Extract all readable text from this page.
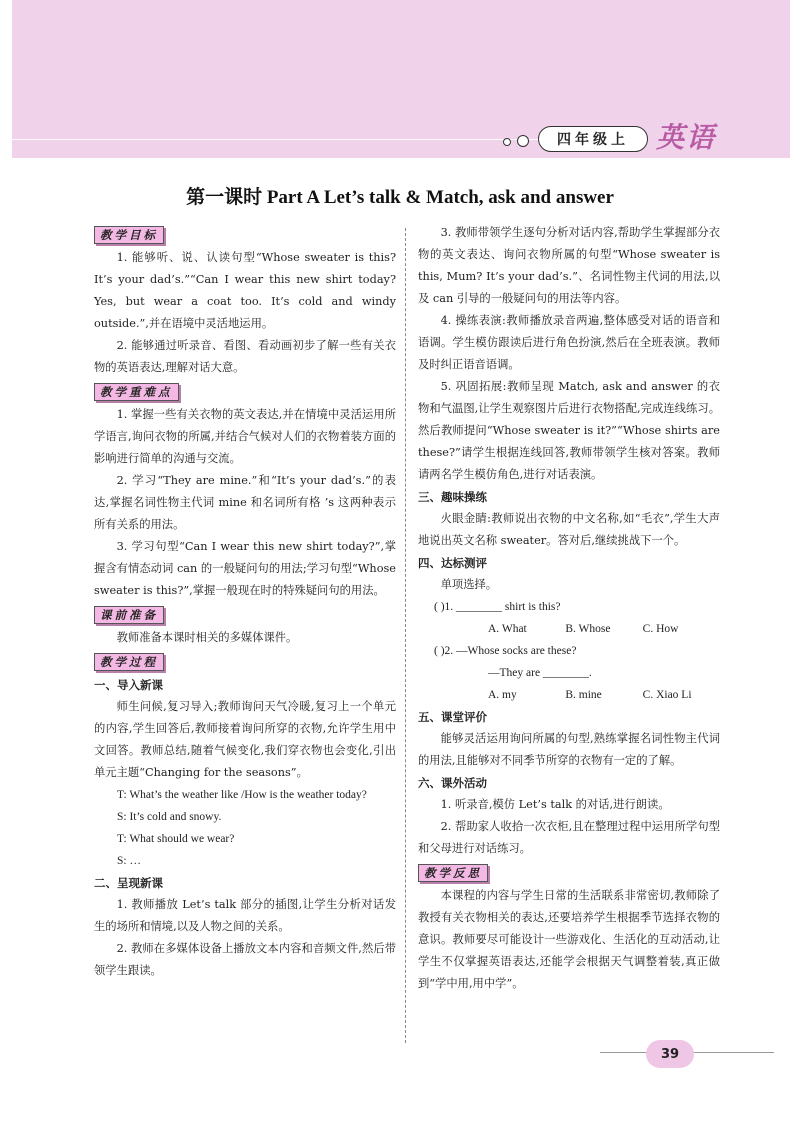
四年级上 英语
第一课时 Part A Let’s talk & Match, ask and answer
教学目标

1. 能够听、说、认读句型“Whose sweater is this? It’s your dad’s.”“Can I wear this new shirt today? Yes, but wear a coat too. It’s cold and windy outside.”,并在语境中灵活地运用。

2. 能够通过听录音、看图、看动画初步了解一些有关衣物的英语表达,理解对话大意。

教学重难点

1. 掌握一些有关衣物的英文表达,并在情境中灵活运用所学语言,询问衣物的所属,并结合气候对人们的衣物着装方面的影响进行简单的沟通与交流。

2. 学习“They are mine.”和“It’s your dad’s.”的表达,掌握名词性物主代词 mine 和名词所有格 ’s 这两种表示所有关系的用法。

3. 学习句型“Can I wear this new shirt today?”,掌握含有情态动词 can 的一般疑问句的用法;学习句型“Whose sweater is this?”,掌握一般现在时的特殊疑问句的用法。

课前准备

教师准备本课时相关的多媒体课件。

教学过程

一、导入新课

师生问候,复习导入;教师询问天气冷暖,复习上一个单元的内容,学生回答后,教师接着询问所穿的衣物,允许学生用中文回答。教师总结,随着气候变化,我们穿衣物也会变化,引出单元主题“Changing for the seasons”。

T: What’s the weather like /How is the weather today?

S: It’s cold and snowy.

T: What should we wear?

S: …

二、呈现新课

1. 教师播放 Let’s talk 部分的插图,让学生分析对话发生的场所和情境,以及人物之间的关系。

2. 教师在多媒体设备上播放文本内容和音频文件,然后带领学生跟读。

3. 教师带领学生逐句分析对话内容,帮助学生掌握部分衣物的英文表达、询问衣物所属的句型“Whose sweater is this, Mum? It’s your dad’s.”、名词性物主代词的用法,以及 can 引导的一般疑问句的用法等内容。

4. 操练表演:教师播放录音两遍,整体感受对话的语音和语调。学生模仿跟读后进行角色扮演,然后在全班表演。教师及时纠正语音语调。

5. 巩固拓展:教师呈现 Match, ask and answer 的衣物和气温图,让学生观察图片后进行衣物搭配,完成连线练习。然后教师提问“Whose sweater is it?”“Whose shirts are these?”请学生根据连线回答,教师带领学生核对答案。教师请两名学生模仿角色,进行对话表演。

三、趣味操练

火眼金睛:教师说出衣物的中文名称,如“毛衣”,学生大声地说出英文名称 sweater。答对后,继续挑战下一个。

四、达标测评

单项选择。

( )1. ________ shirt is this?

A. What	B. Whose	C. How

( )2. —Whose socks are these?

—They are ________.

A. my	B. mine	C. Xiao Li

五、课堂评价

能够灵活运用询问所属的句型,熟练掌握名词性物主代词的用法,且能够对不同季节所穿的衣物有一定的了解。

六、课外活动

1. 听录音,模仿 Let’s talk 的对话,进行朗读。

2. 帮助家人收拾一次衣柜,且在整理过程中运用所学句型和父母进行对话练习。

教学反思

本课程的内容与学生日常的生活联系非常密切,教师除了教授有关衣物相关的表达,还要培养学生根据季节选择衣物的意识。教师要尽可能设计一些游戏化、生活化的互动活动,让学生不仅掌握英语表达,还能学会根据天气调整着装,真正做到“学中用,用中学”。

39
